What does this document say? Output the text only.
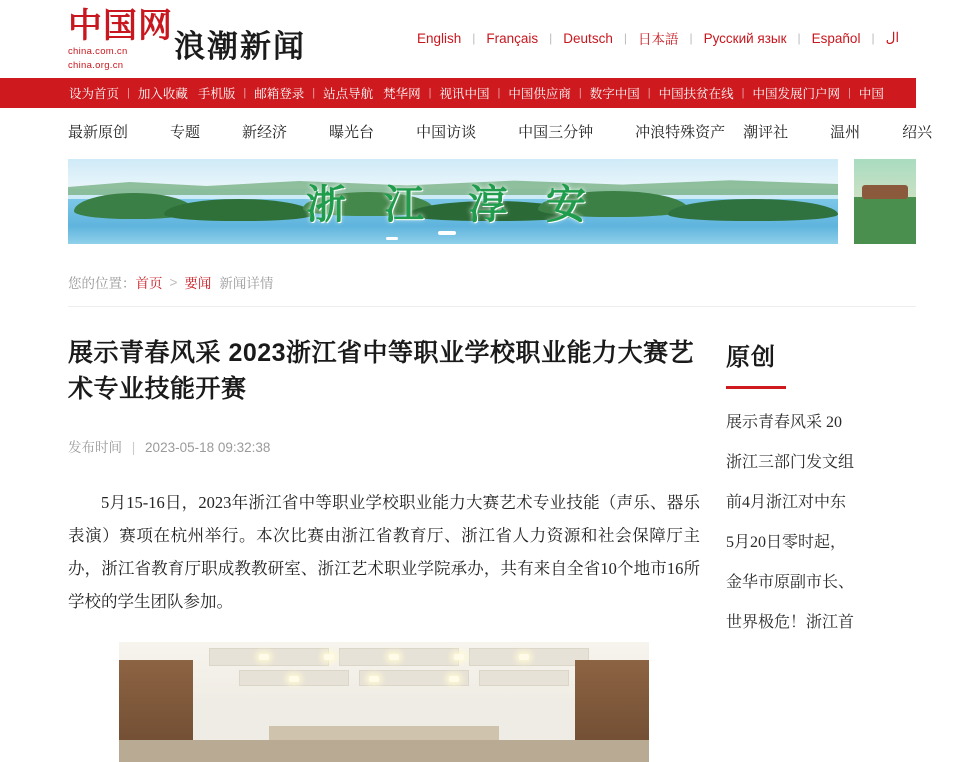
中国网
china.com.cn
china.org.cn
浪潮新闻	English | Français | Deutsch | 日本語 | Русский язык | Español | ال
设为首页 | 加入收藏 手机版 | 邮箱登录 | 站点导航 梵华网 | 视讯中国 | 中国供应商 | 数字中国 | 中国扶贫在线 | 中国发展门户网 | 中国
最新原创	专题	新经济	曝光台	中国访谈	中国三分钟	冲浪特殊资产 潮评社	温州	绍兴
浙 江 淳 安
您的位置： 首页 > 要闻 新闻详情
展示青春风采 2023浙江省中等职业学校职业能力大赛艺术专业技能开赛
发布时间 | 2023-05-18 09:32:38

5月15-16日，2023年浙江省中等职业学校职业能力大赛艺术专业技能（声乐、器乐表演）赛项在杭州举行。本次比赛由浙江省教育厅、浙江省人力资源和社会保障厅主办，浙江省教育厅职成教教研室、浙江艺术职业学院承办，共有来自全省10个地市16所学校的学生团队参加。

原创
展示青春风采 20
浙江三部门发文组
前4月浙江对中东
5月20日零时起，
金华市原副市长、
世界极危！浙江首
